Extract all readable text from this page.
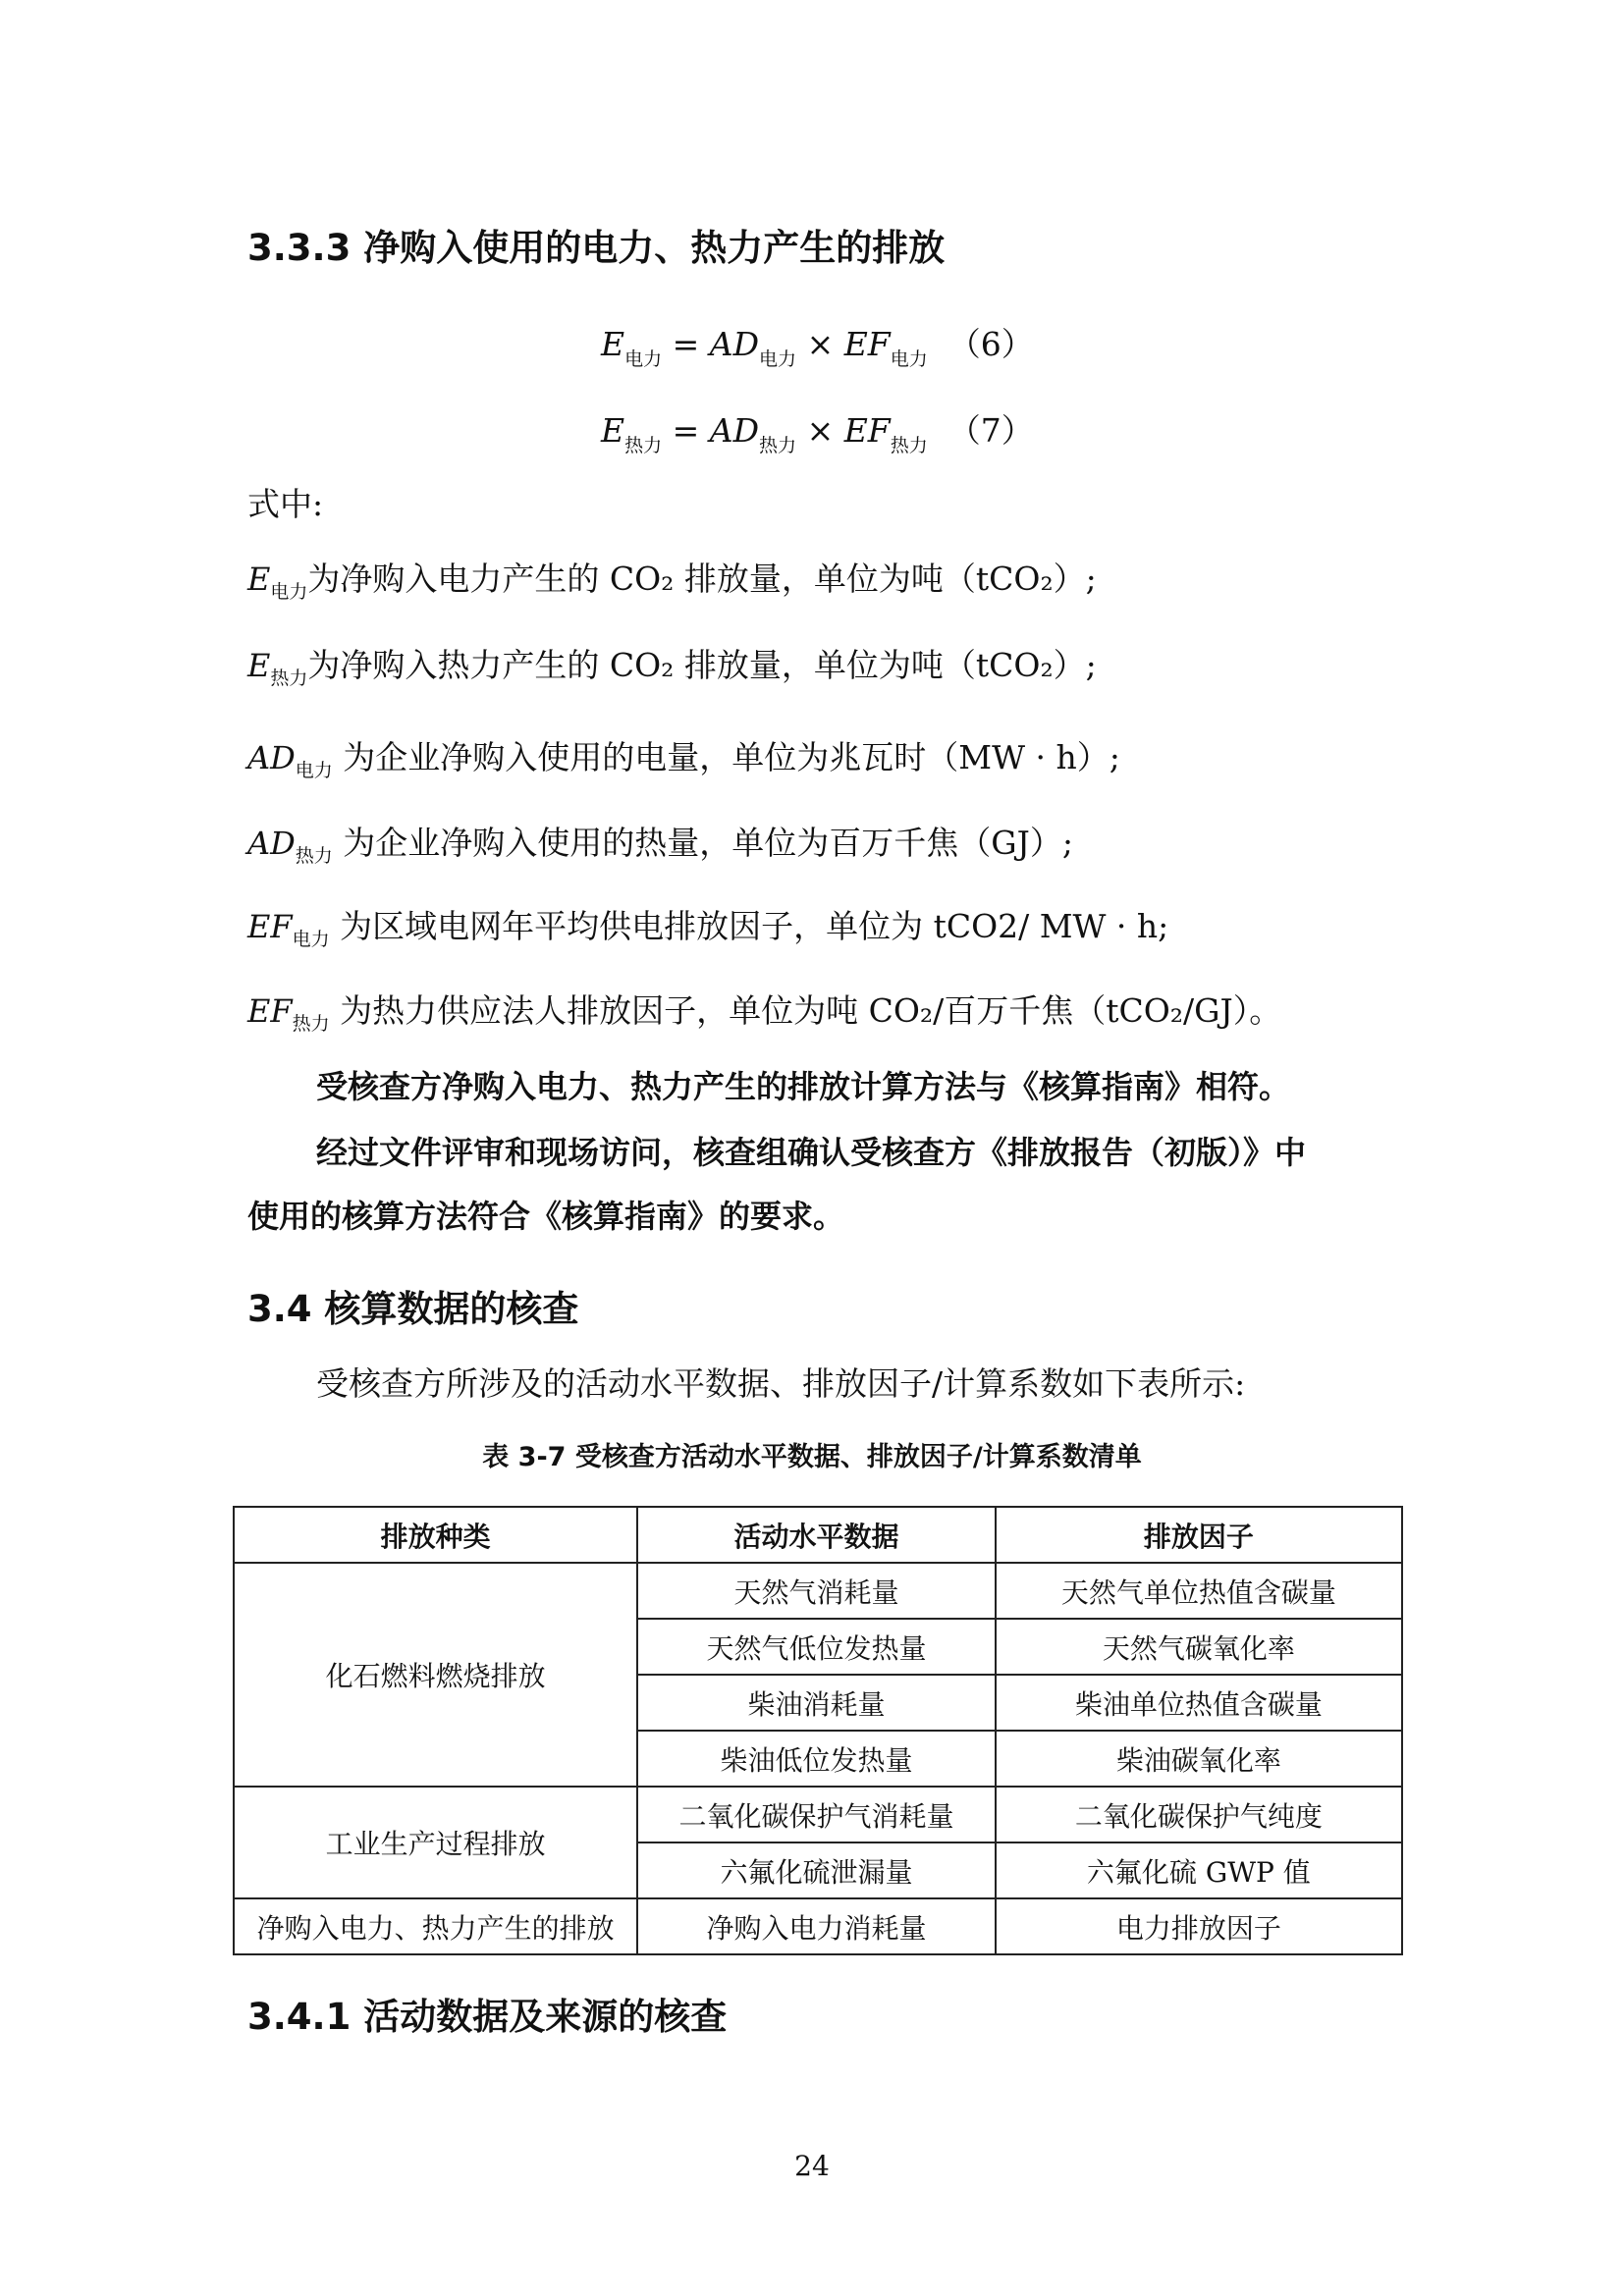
3.3.3 净购入使用的电力、热力产生的排放
$E_{电力} = AD_{电力} \times EF_{电力}$ （6）
$E_{热力} = AD_{热力} \times EF_{热力}$ （7）
式中:
$E_{电力}$为净购入电力产生的 CO₂ 排放量，单位为吨（tCO₂）;
$E_{热力}$为净购入热力产生的 CO₂ 排放量，单位为吨（tCO₂）;
$AD_{电力}$ 为企业净购入使用的电量，单位为兆瓦时（MW · h）;
$AD_{热力}$ 为企业净购入使用的热量，单位为百万千焦（GJ）;
$EF_{电力}$ 为区域电网年平均供电排放因子，单位为 tCO2/ MW · h;
$EF_{热力}$ 为热力供应法人排放因子，单位为吨 CO₂/百万千焦（tCO₂/GJ）。
受核查方净购入电力、热力产生的排放计算方法与《核算指南》相符。
经过文件评审和现场访问，核查组确认受核查方《排放报告（初版）》中
使用的核算方法符合《核算指南》的要求。
3.4 核算数据的核查
受核查方所涉及的活动水平数据、排放因子/计算系数如下表所示:
表 3-7 受核查方活动水平数据、排放因子/计算系数清单
排放种类	活动水平数据	排放因子
化石燃料燃烧排放	天然气消耗量	天然气单位热值含碳量
	天然气低位发热量	天然气碳氧化率
	柴油消耗量	柴油单位热值含碳量
	柴油低位发热量	柴油碳氧化率
工业生产过程排放	二氧化碳保护气消耗量	二氧化碳保护气纯度
	六氟化硫泄漏量	六氟化硫 GWP 值
净购入电力、热力产生的排放	净购入电力消耗量	电力排放因子
3.4.1 活动数据及来源的核查
24
